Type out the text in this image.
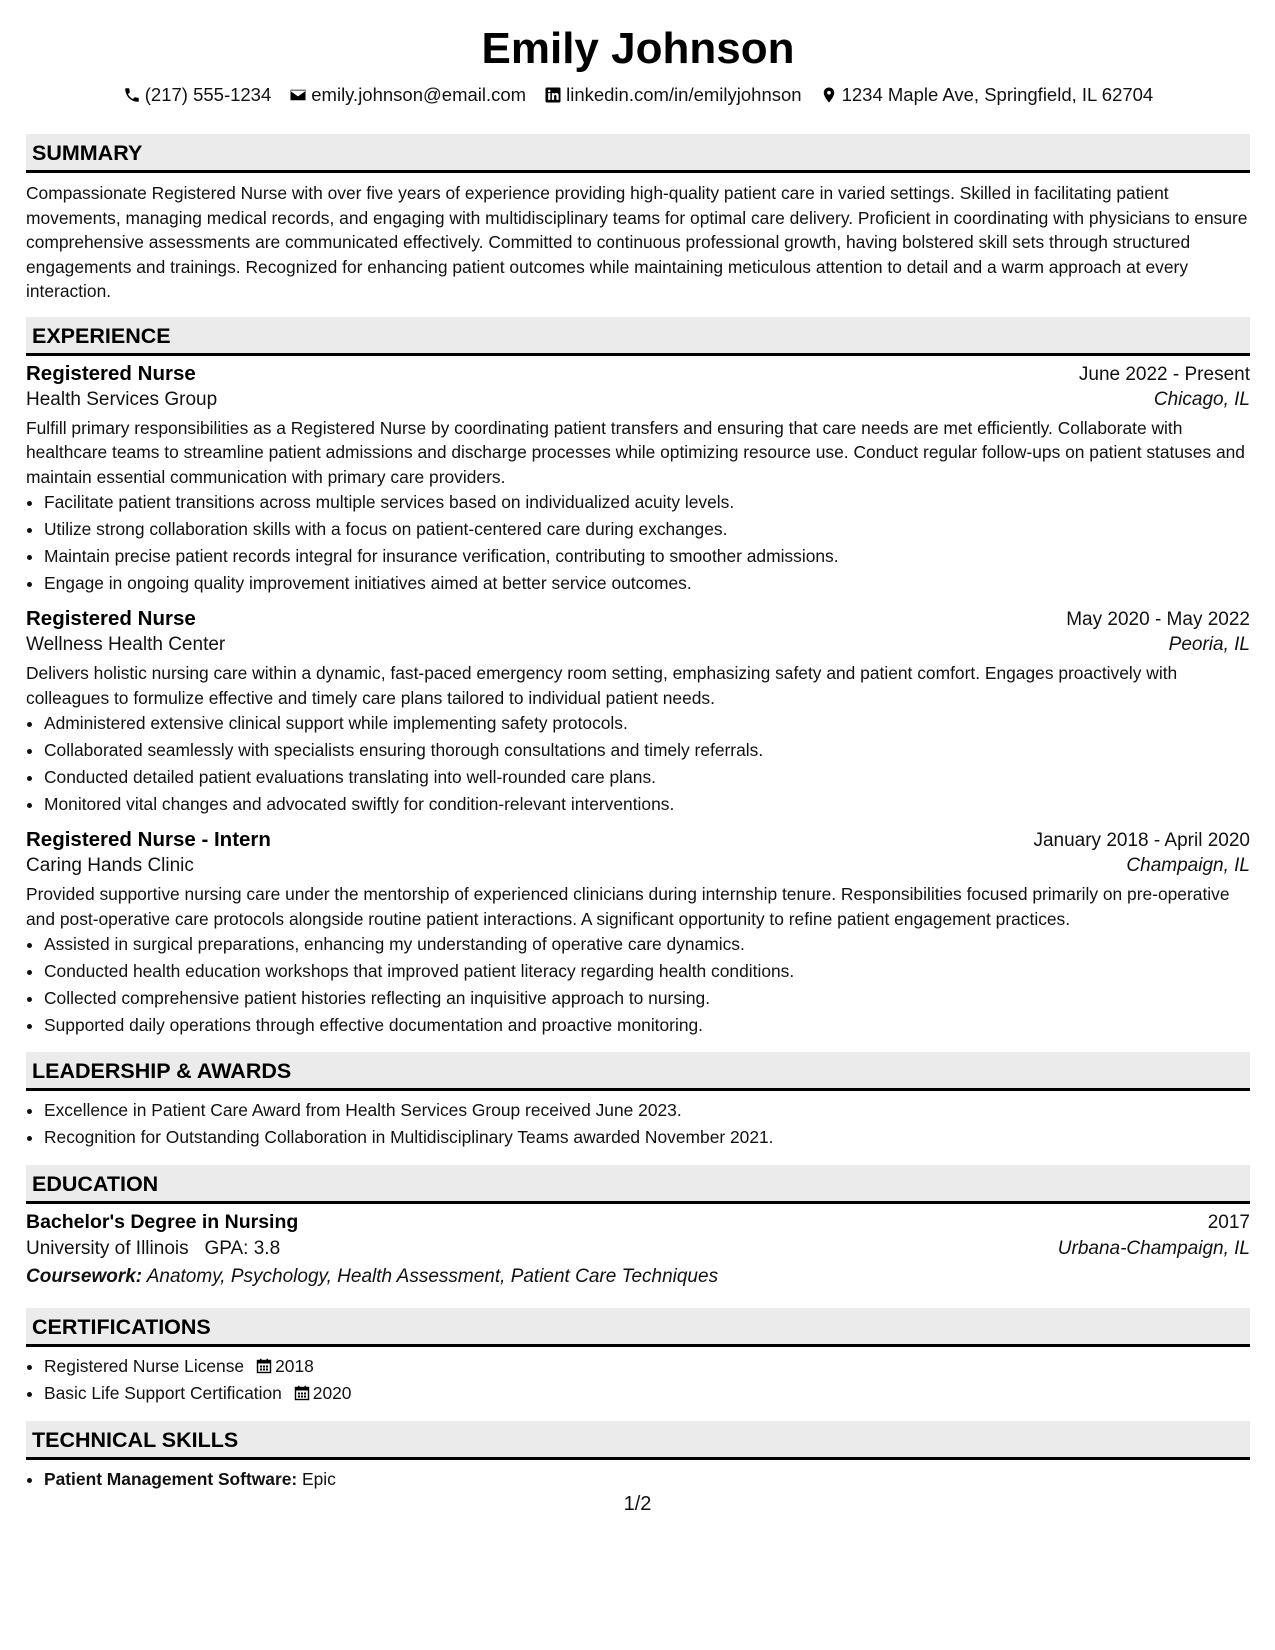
Emily Johnson
(217) 555-1234 emily.johnson@email.com linkedin.com/in/emilyjohnson 1234 Maple Ave, Springfield, IL 62704
SUMMARY

Compassionate Registered Nurse with over five years of experience providing high-quality patient care in varied settings. Skilled in facilitating patient movements, managing medical records, and engaging with multidisciplinary teams for optimal care delivery. Proficient in coordinating with physicians to ensure comprehensive assessments are communicated effectively. Committed to continuous professional growth, having bolstered skill sets through structured engagements and trainings. Recognized for enhancing patient outcomes while maintaining meticulous attention to detail and a warm approach at every interaction.

EXPERIENCE
Registered Nurse	June 2022 - Present
Health Services Group	Chicago, IL

Fulfill primary responsibilities as a Registered Nurse by coordinating patient transfers and ensuring that care needs are met efficiently. Collaborate with healthcare teams to streamline patient admissions and discharge processes while optimizing resource use. Conduct regular follow-ups on patient statuses and maintain essential communication with primary care providers.

• Facilitate patient transitions across multiple services based on individualized acuity levels.
• Utilize strong collaboration skills with a focus on patient-centered care during exchanges.
• Maintain precise patient records integral for insurance verification, contributing to smoother admissions.
• Engage in ongoing quality improvement initiatives aimed at better service outcomes.
Registered Nurse	May 2020 - May 2022
Wellness Health Center	Peoria, IL

Delivers holistic nursing care within a dynamic, fast-paced emergency room setting, emphasizing safety and patient comfort. Engages proactively with colleagues to formulize effective and timely care plans tailored to individual patient needs.

• Administered extensive clinical support while implementing safety protocols.
• Collaborated seamlessly with specialists ensuring thorough consultations and timely referrals.
• Conducted detailed patient evaluations translating into well-rounded care plans.
• Monitored vital changes and advocated swiftly for condition-relevant interventions.
Registered Nurse - Intern	January 2018 - April 2020
Caring Hands Clinic	Champaign, IL

Provided supportive nursing care under the mentorship of experienced clinicians during internship tenure. Responsibilities focused primarily on pre-operative and post-operative care protocols alongside routine patient interactions. A significant opportunity to refine patient engagement practices.

• Assisted in surgical preparations, enhancing my understanding of operative care dynamics.
• Conducted health education workshops that improved patient literacy regarding health conditions.
• Collected comprehensive patient histories reflecting an inquisitive approach to nursing.
• Supported daily operations through effective documentation and proactive monitoring.
LEADERSHIP & AWARDS
• Excellence in Patient Care Award from Health Services Group received June 2023.
• Recognition for Outstanding Collaboration in Multidisciplinary Teams awarded November 2021.
EDUCATION
Bachelor's Degree in Nursing	2017
University of Illinois GPA: 3.8	Urbana-Champaign, IL
Coursework: Anatomy, Psychology, Health Assessment, Patient Care Techniques
CERTIFICATIONS
• Registered Nurse License 2018
• Basic Life Support Certification 2020
TECHNICAL SKILLS
• Patient Management Software: Epic
1/2
